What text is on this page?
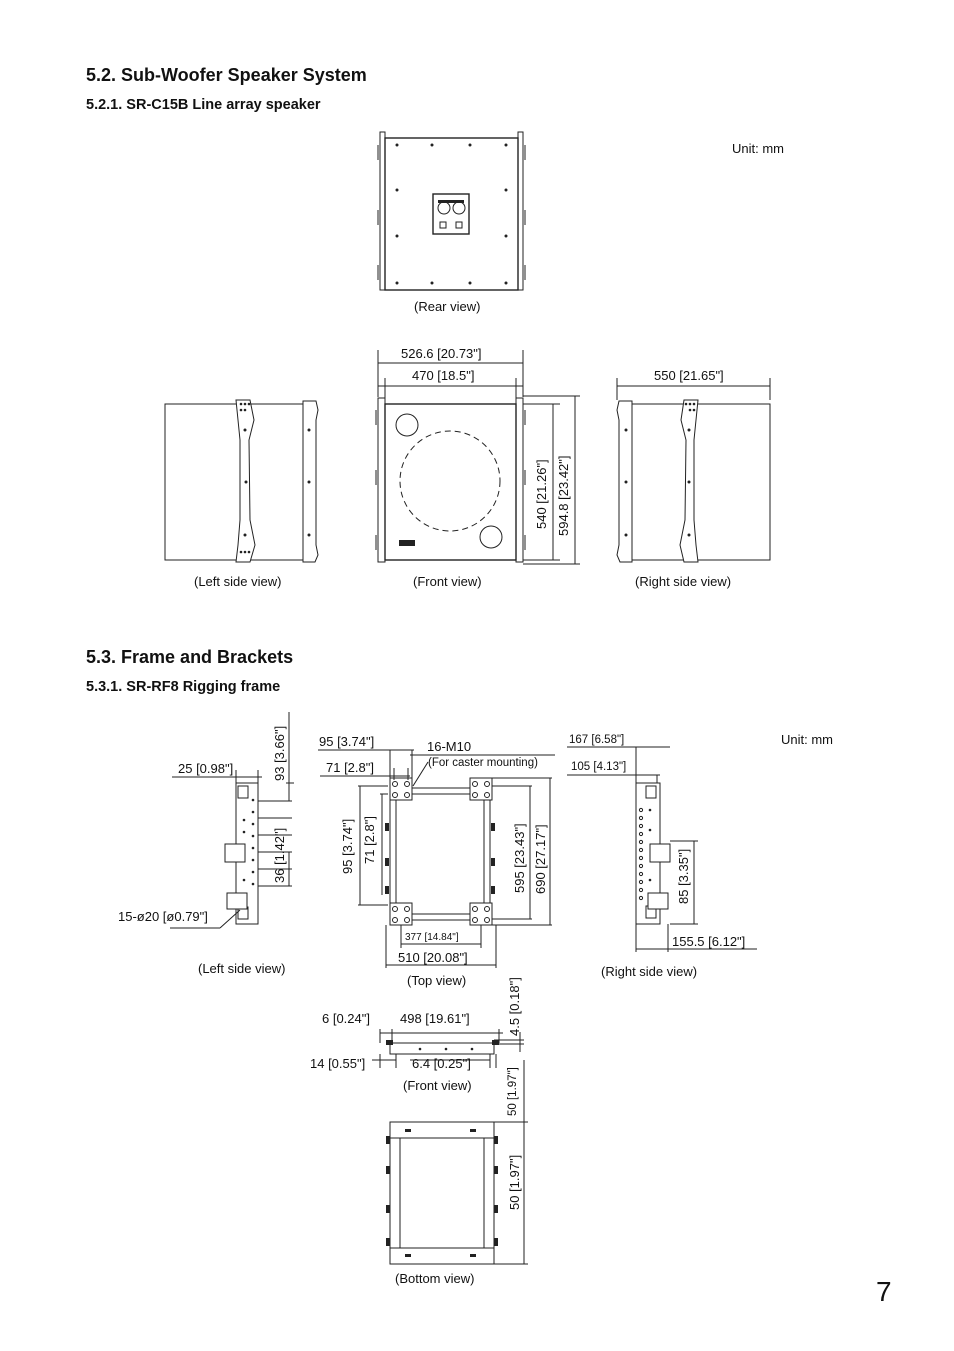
5.2. Sub-Woofer Speaker System
5.2.1. SR-C15B Line array speaker
Unit: mm
(Rear view)
526.6 [20.73"]
470 [18.5"]	550 [21.65"]
540 [21.26"] 594.8 [23.42"]
(Left side view)	(Front view)	(Right side view)
5.3. Frame and Brackets
5.3.1. SR-RF8 Rigging frame
Unit: mm
93 [3.66"]
25 [0.98"]
36 [1.42"]
15-ø20 [ø0.79"]
(Left side view)
95 [3.74"]	16-M10
(For caster mounting)
71 [2.8"]
95 [3.74"] 71 [2.8"]	595 [23.43"] 690 [27.17"]
377 [14.84"]
510 [20.08"]
(Top view)
167 [6.58"]
105 [4.13"]
85 [3.35"]
155.5 [6.12"]
(Right side view)
6 [0.24"] 498 [19.61"]	4.5 [0.18"]
14 [0.55"]	6.4 [0.25"]
(Front view)	50 [1.97"]
50 [1.97"]
(Bottom view)	7
